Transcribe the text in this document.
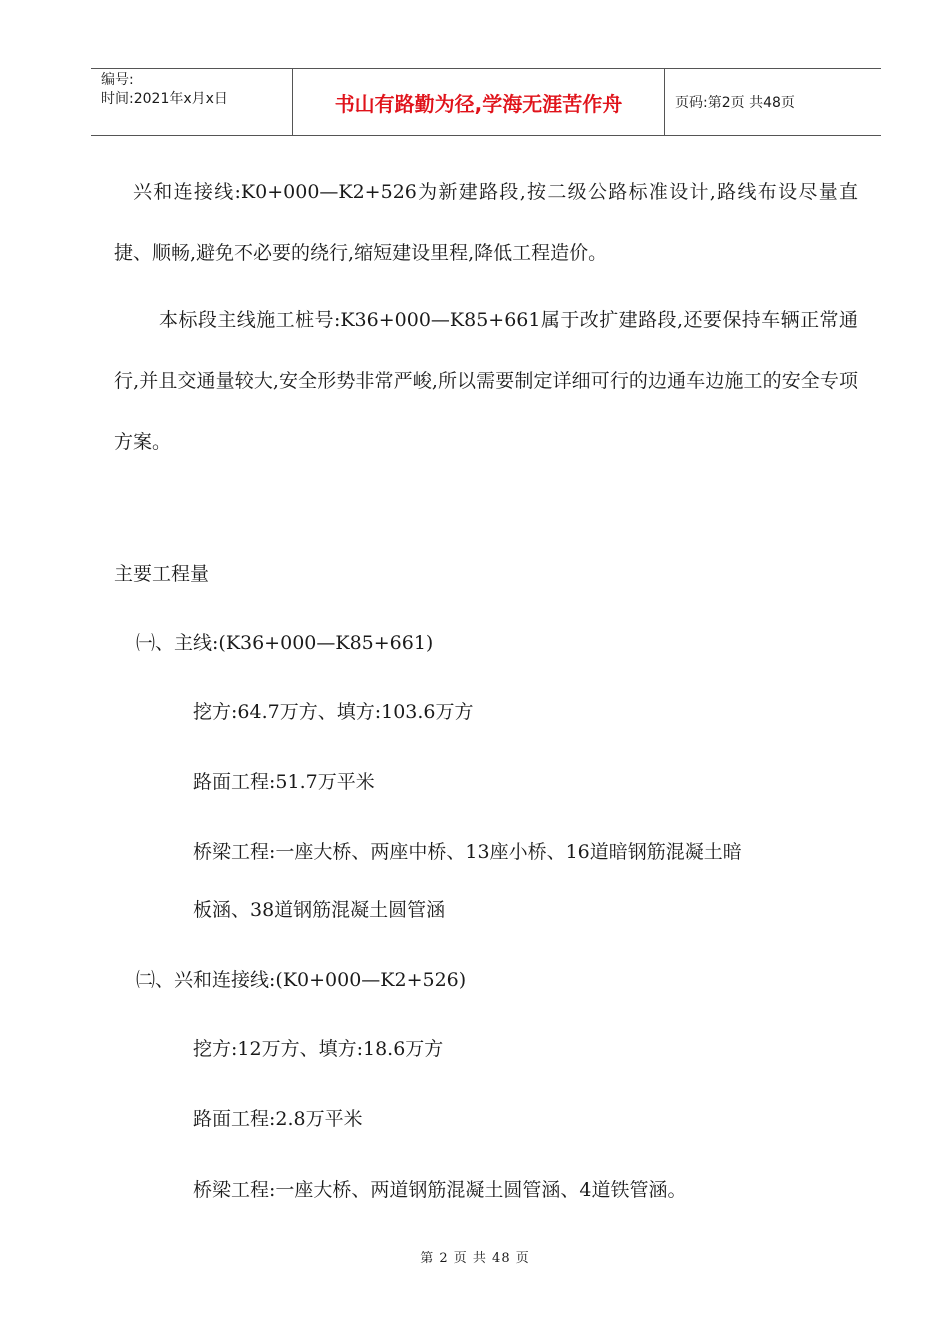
编号:
时间:2021年x月x日	书山有路勤为径,学海无涯苦作舟	页码:第2页 共48页

兴和连接线:K0+000—K2+526为新建路段,按二级公路标准设计,路线布设尽量直捷、顺畅,避免不必要的绕行,缩短建设里程,降低工程造价。

本标段主线施工桩号:K36+000—K85+661属于改扩建路段,还要保持车辆正常通行,并且交通量较大,安全形势非常严峻,所以需要制定详细可行的边通车边施工的安全专项方案。

主要工程量
㈠、主线:(K36+000—K85+661)
挖方:64.7万方、填方:103.6万方
路面工程:51.7万平米
桥梁工程:一座大桥、两座中桥、13座小桥、16道暗钢筋混凝土暗
板涵、38道钢筋混凝土圆管涵
㈡、兴和连接线:(K0+000—K2+526)
挖方:12万方、填方:18.6万方
路面工程:2.8万平米
桥梁工程:一座大桥、两道钢筋混凝土圆管涵、4道铁管涵。
第 2 页 共 48 页
